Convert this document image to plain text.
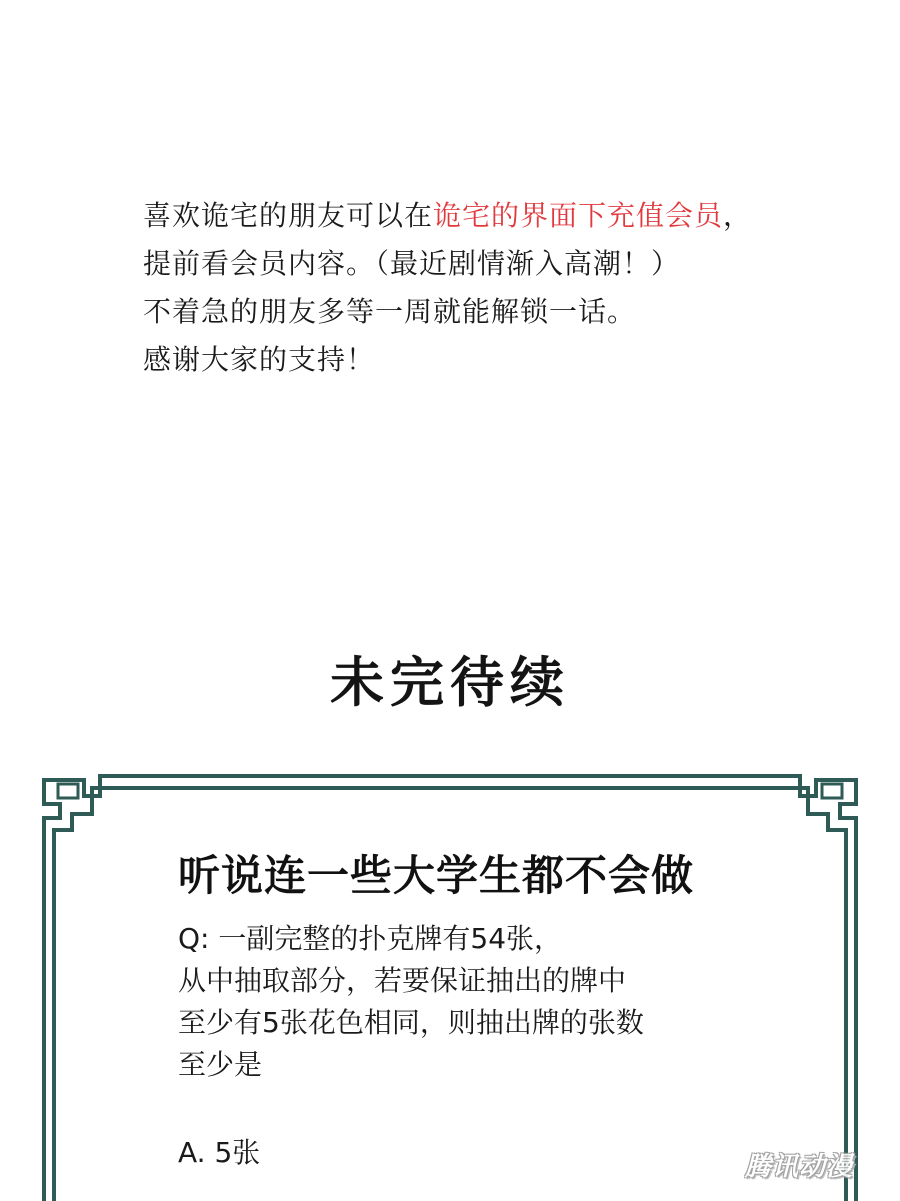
喜欢诡宅的朋友可以在诡宅的界面下充值会员，
提前看会员内容。（最近剧情渐入高潮！）
不着急的朋友多等一周就能解锁一话。
感谢大家的支持！
未完待续
听说连一些大学生都不会做
Q: 一副完整的扑克牌有54张，
从中抽取部分，若要保证抽出的牌中
至少有5张花色相同，则抽出牌的张数
至少是
A. 5张	腾讯动漫
